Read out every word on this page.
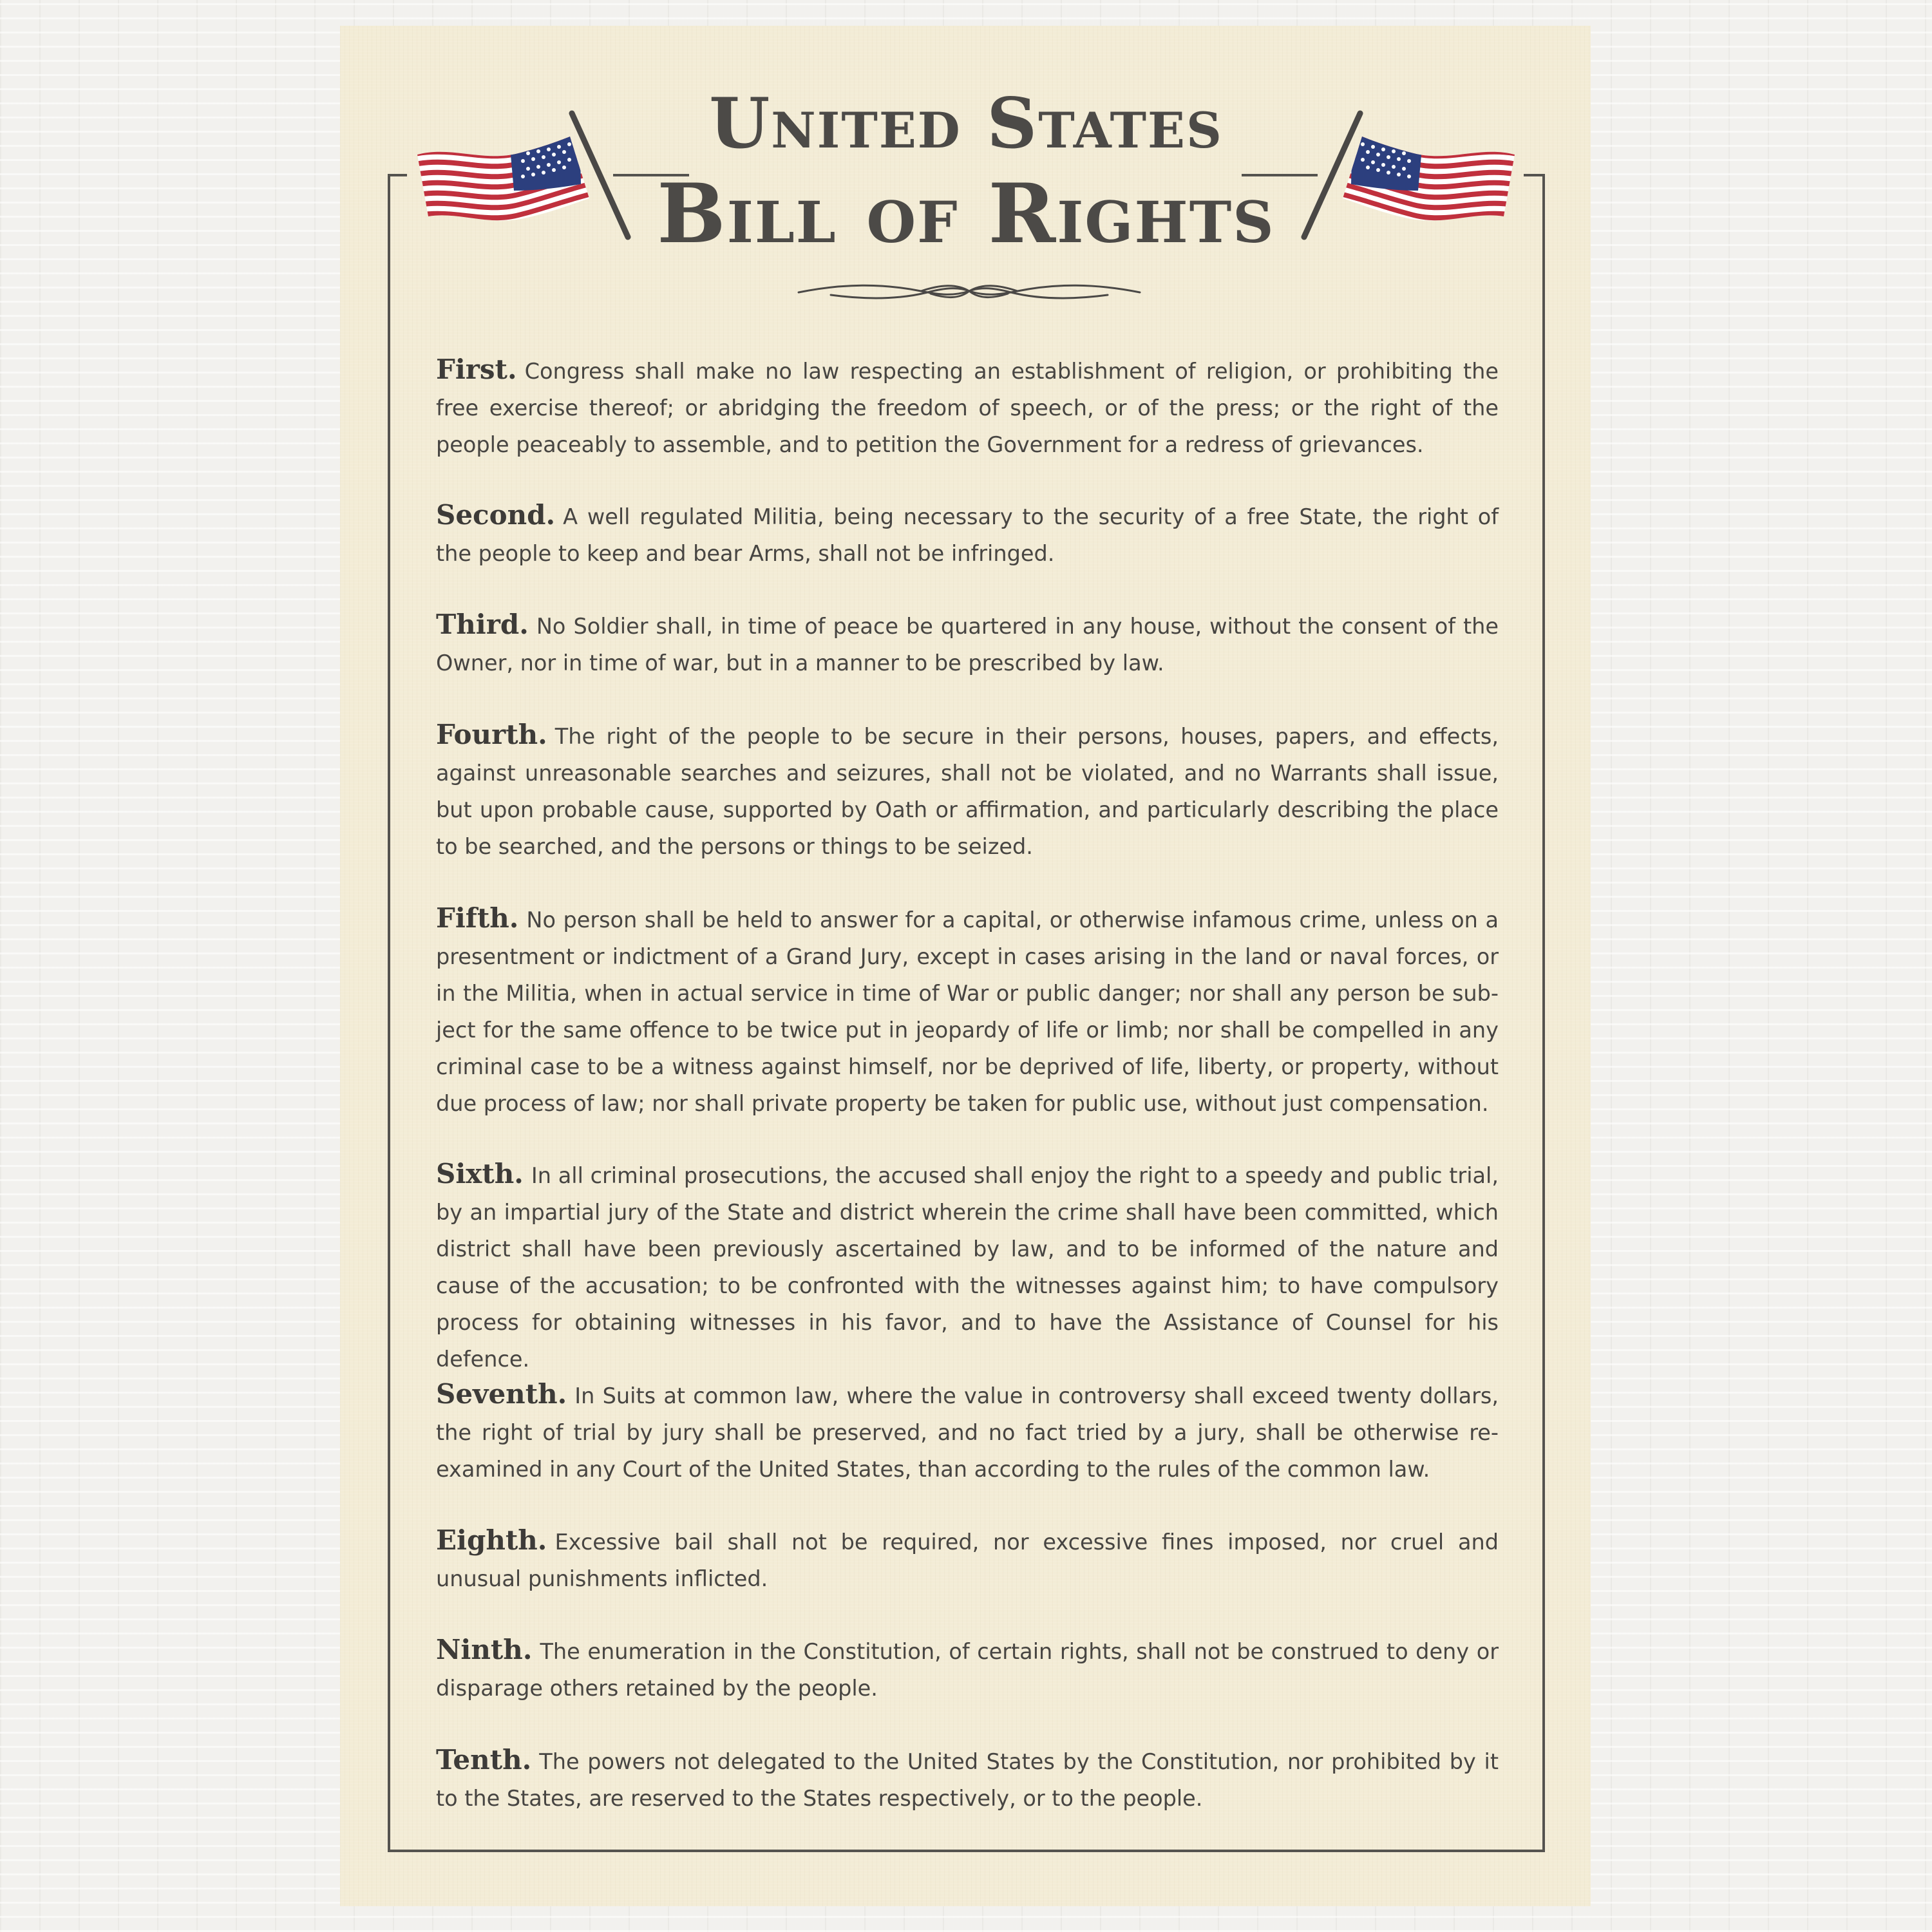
United States
Bill of Rights

First. Congress shall make no law respecting an establishment of religion, or prohibiting the free exercise thereof; or abridging the freedom of speech, or of the press; or the right of the people peaceably to assemble, and to petition the Government for a redress of grievances.

Second. A well regulated Militia, being necessary to the security of a free State, the right of the people to keep and bear Arms, shall not be infringed.

Third. No Soldier shall, in time of peace be quartered in any house, without the consent of the Owner, nor in time of war, but in a manner to be prescribed by law.

Fourth. The right of the people to be secure in their persons, houses, papers, and effects, against unreasonable searches and seizures, shall not be violated, and no Warrants shall issue, but upon probable cause, supported by Oath or affirmation, and particularly describing the place to be searched, and the persons or things to be seized.

Fifth. No person shall be held to answer for a capital, or otherwise infamous crime, unless on a presentment or indictment of a Grand Jury, except in cases arising in the land or naval forces, or in the Militia, when in actual service in time of War or public danger; nor shall any person be sub-ject for the same offence to be twice put in jeopardy of life or limb; nor shall be compelled in any criminal case to be a witness against himself, nor be deprived of life, liberty, or property, without due process of law; nor shall private property be taken for public use, without just compensation.

Sixth. In all criminal prosecutions, the accused shall enjoy the right to a speedy and public trial, by an impartial jury of the State and district wherein the crime shall have been committed, which district shall have been previously ascertained by law, and to be informed of the nature and cause of the accusation; to be confronted with the witnesses against him; to have compulsory process for obtaining witnesses in his favor, and to have the Assistance of Counsel for his defence.

Seventh. In Suits at common law, where the value in controversy shall exceed twenty dollars, the right of trial by jury shall be preserved, and no fact tried by a jury, shall be otherwise re-examined in any Court of the United States, than according to the rules of the common law.

Eighth. Excessive bail shall not be required, nor excessive fines imposed, nor cruel and unusual punishments inflicted.

Ninth. The enumeration in the Constitution, of certain rights, shall not be construed to deny or disparage others retained by the people.

Tenth. The powers not delegated to the United States by the Constitution, nor prohibited by it to the States, are reserved to the States respectively, or to the people.
